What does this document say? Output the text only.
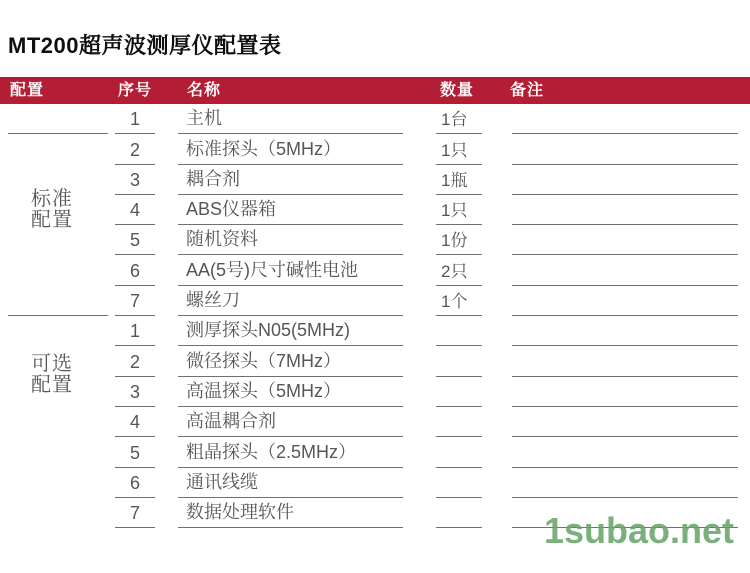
MT200超声波测厚仪配置表
配置	序号 名称	数量 备注
标准
配置
可选
配置
1	主机	1台
2	标准探头（5MHz）	1只
3	耦合剂	1瓶
4	ABS仪器箱	1只
5	随机资料	1份
6	AA(5号)尺寸碱性电池	2只
7	螺丝刀	1个
1	测厚探头N05(5MHz)
2	微径探头（7MHz）
3	高温探头（5MHz）
4	高温耦合剂
5	粗晶探头（2.5MHz）
6	通讯线缆
7	数据处理软件	1subao.net
